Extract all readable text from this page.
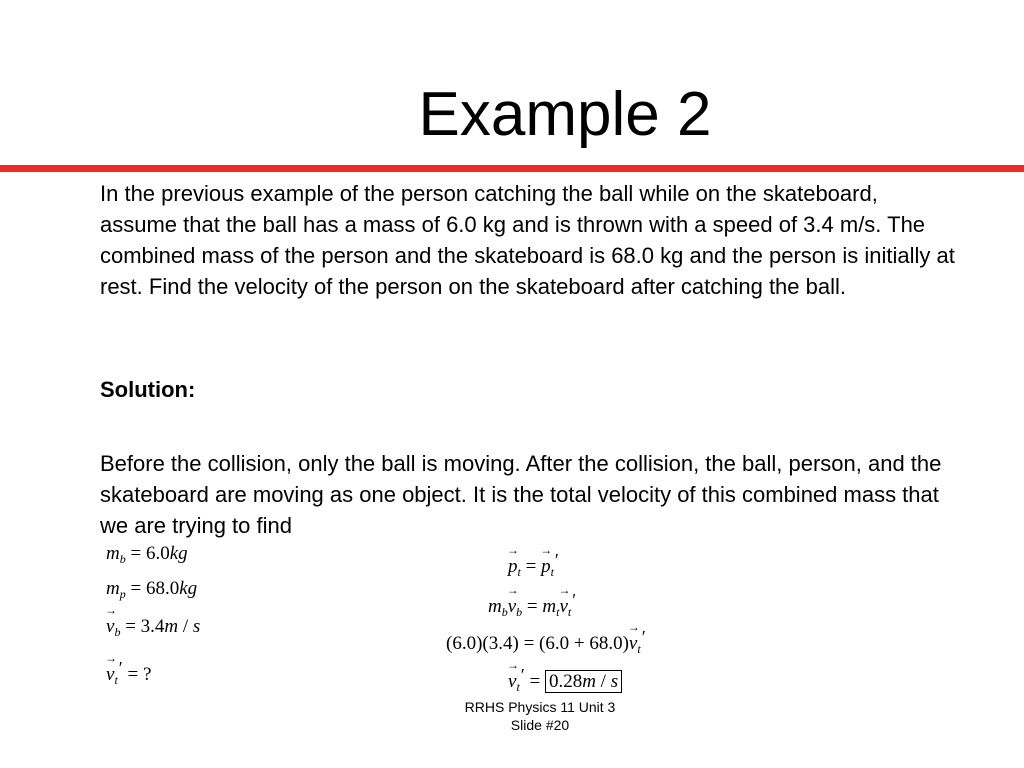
Example 2

In the previous example of the person catching the ball while on the skateboard, assume that the ball has a mass of 6.0 kg and is thrown with a speed of 3.4 m/s. The combined mass of the person and the skateboard is 68.0 kg and the person is initially at rest. Find the velocity of the person on the skateboard after catching the ball.

Solution:

Before the collision, only the ball is moving. After the collision, the ball, person, and the skateboard are moving as one object. It is the total velocity of this combined mass that we are trying to find

$m_b = 6.0kg$
$m_p = 68.0kg$
→ $v_b = 3.4m / s$
→ $v_t'$ = ?
→ $p_t$ = → $p_t'$
$m_b\to v_b = m_t\to v_t'$
$(6.0)(3.4) = (6.0 + 68.0)\to v_t'$
→ $v_t' = 0.28m / s$
RRHS Physics 11 Unit 3
Slide #20
